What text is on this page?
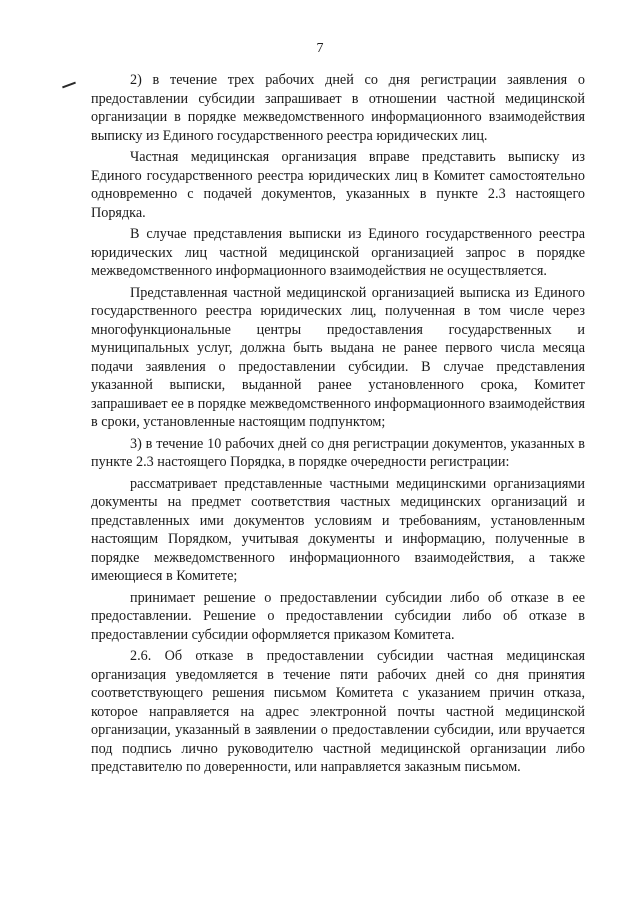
7

2) в течение трех рабочих дней со дня регистрации заявления о предоставлении субсидии запрашивает в отношении частной медицинской организации в порядке межведомственного информационного взаимодействия выписку из Единого государственного реестра юридических лиц.

Частная медицинская организация вправе представить выписку из Единого государственного реестра юридических лиц в Комитет самостоятельно одновременно с подачей документов, указанных в пункте 2.3 настоящего Порядка.

В случае представления выписки из Единого государственного реестра юридических лиц частной медицинской организацией запрос в порядке межведомственного информационного взаимодействия не осуществляется.

Представленная частной медицинской организацией выписка из Единого государственного реестра юридических лиц, полученная в том числе через многофункциональные центры предоставления государственных и муниципальных услуг, должна быть выдана не ранее первого числа месяца подачи заявления о предоставлении субсидии. В случае представления указанной выписки, выданной ранее установленного срока, Комитет запрашивает ее в порядке межведомственного информационного взаимодействия в сроки, установленные настоящим подпунктом;

3) в течение 10 рабочих дней со дня регистрации документов, указанных в пункте 2.3 настоящего Порядка, в порядке очередности регистрации:

рассматривает представленные частными медицинскими организациями документы на предмет соответствия частных медицинских организаций и представленных ими документов условиям и требованиям, установленным настоящим Порядком, учитывая документы и информацию, полученные в порядке межведомственного информационного взаимодействия, а также имеющиеся в Комитете;

принимает решение о предоставлении субсидии либо об отказе в ее предоставлении. Решение о предоставлении субсидии либо об отказе в предоставлении субсидии оформляется приказом Комитета.

2.6. Об отказе в предоставлении субсидии частная медицинская организация уведомляется в течение пяти рабочих дней со дня принятия соответствующего решения письмом Комитета с указанием причин отказа, которое направляется на адрес электронной почты частной медицинской организации, указанный в заявлении о предоставлении субсидии, или вручается под подпись лично руководителю частной медицинской организации либо представителю по доверенности, или направляется заказным письмом.
